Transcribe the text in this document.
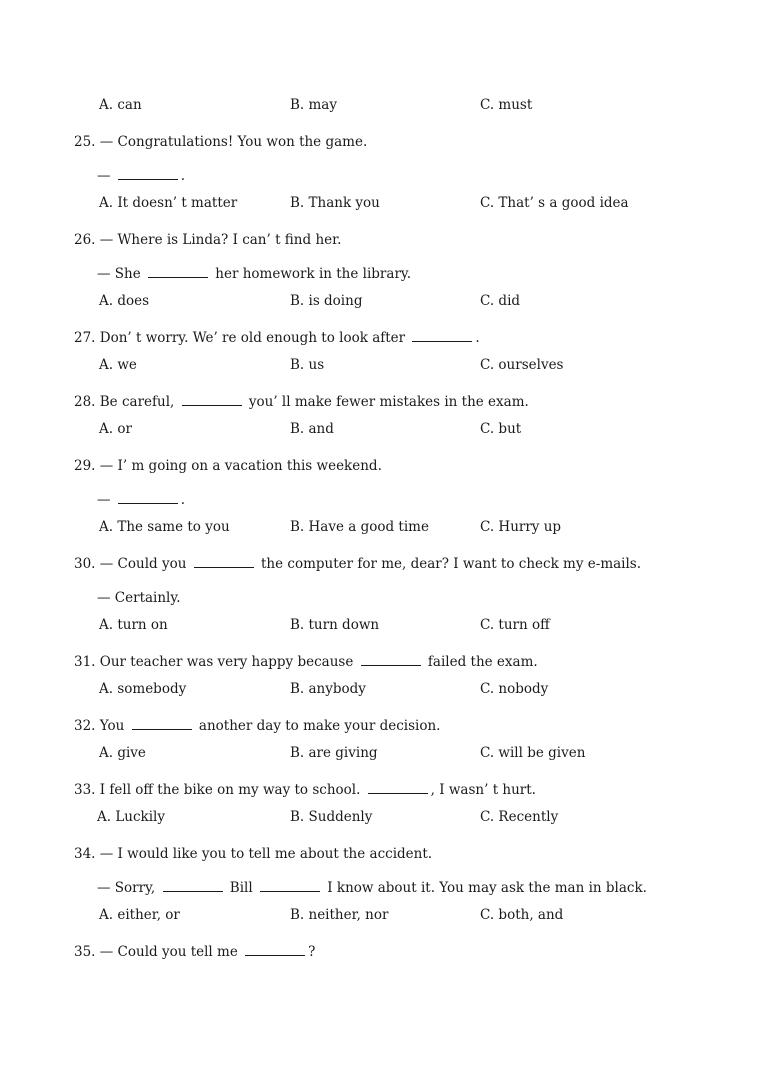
A. can	B. may	C. must
25. — Congratulations! You won the game.
—	.
A. It doesn’ t matter	B. Thank you	C. That’ s a good idea
26. — Where is Linda? I can’ t find her.
— She	her homework in the library.
A. does	B. is doing	C. did
27. Don’ t worry. We’ re old enough to look after	.
A. we	B. us	C. ourselves
28. Be careful,	you’ ll make fewer mistakes in the exam.
A. or	B. and	C. but
29. — I’ m going on a vacation this weekend.
—	.
A. The same to you	B. Have a good time	C. Hurry up
30. — Could you	the computer for me, dear? I want to check my e-mails.
— Certainly.
A. turn on	B. turn down	C. turn off
31. Our teacher was very happy because	failed the exam.
A. somebody	B. anybody	C. nobody
32. You	another day to make your decision.
A. give	B. are giving	C. will be given
33. I fell off the bike on my way to school.	, I wasn’ t hurt.
A. Luckily	B. Suddenly	C. Recently
34. — I would like you to tell me about the accident.
— Sorry,	Bill	I know about it. You may ask the man in black.
A. either, or	B. neither, nor	C. both, and
35. — Could you tell me	?
